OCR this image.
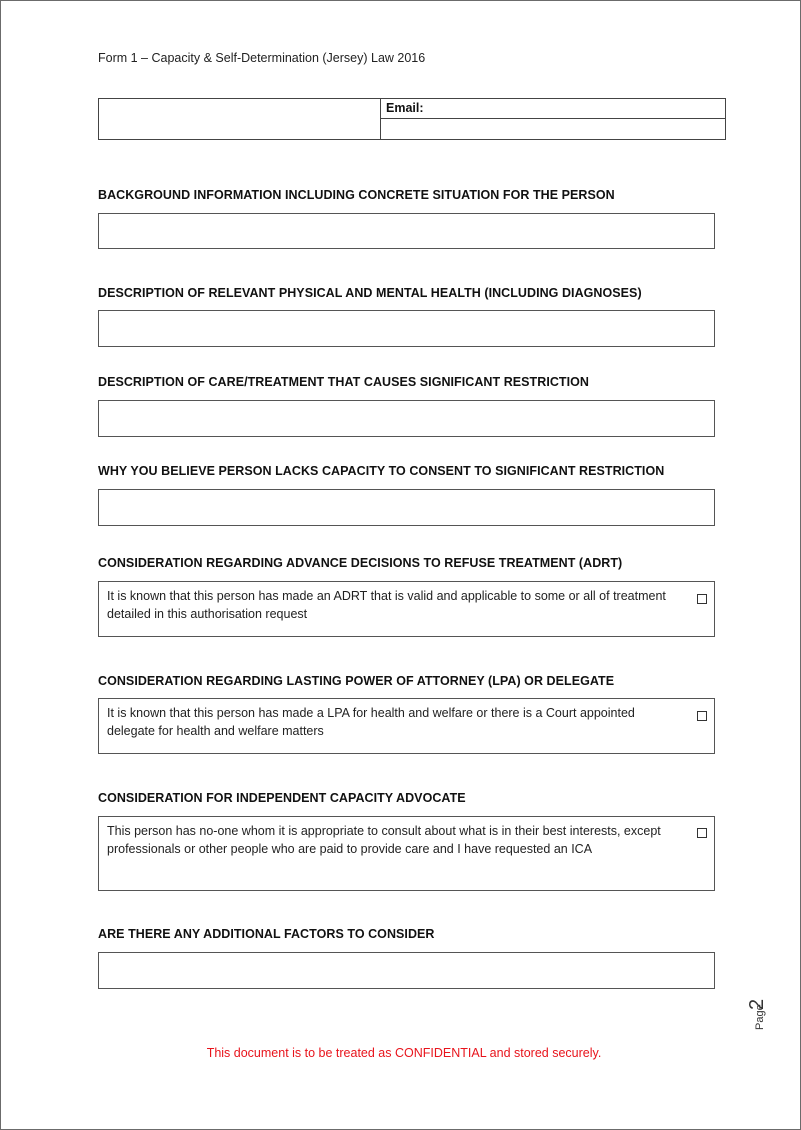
Form 1 – Capacity & Self-Determination (Jersey) Law 2016
Email:
BACKGROUND INFORMATION INCLUDING CONCRETE SITUATION FOR THE PERSON
DESCRIPTION OF RELEVANT PHYSICAL AND MENTAL HEALTH (INCLUDING DIAGNOSES)
DESCRIPTION OF CARE/TREATMENT THAT CAUSES SIGNIFICANT RESTRICTION
WHY YOU BELIEVE PERSON LACKS CAPACITY TO CONSENT TO SIGNIFICANT RESTRICTION
CONSIDERATION REGARDING ADVANCE DECISIONS TO REFUSE TREATMENT (ADRT)
It is known that this person has made an ADRT that is valid and applicable to some or all of treatment detailed in this authorisation request
CONSIDERATION REGARDING LASTING POWER OF ATTORNEY (LPA) OR DELEGATE
It is known that this person has made a LPA for health and welfare or there is a Court appointed delegate for health and welfare matters
CONSIDERATION FOR INDEPENDENT CAPACITY ADVOCATE
This person has no-one whom it is appropriate to consult about what is in their best interests, except professionals or other people who are paid to provide care and I have requested an ICA
ARE THERE ANY ADDITIONAL FACTORS TO CONSIDER
Page
2
This document is to be treated as CONFIDENTIAL and stored securely.
